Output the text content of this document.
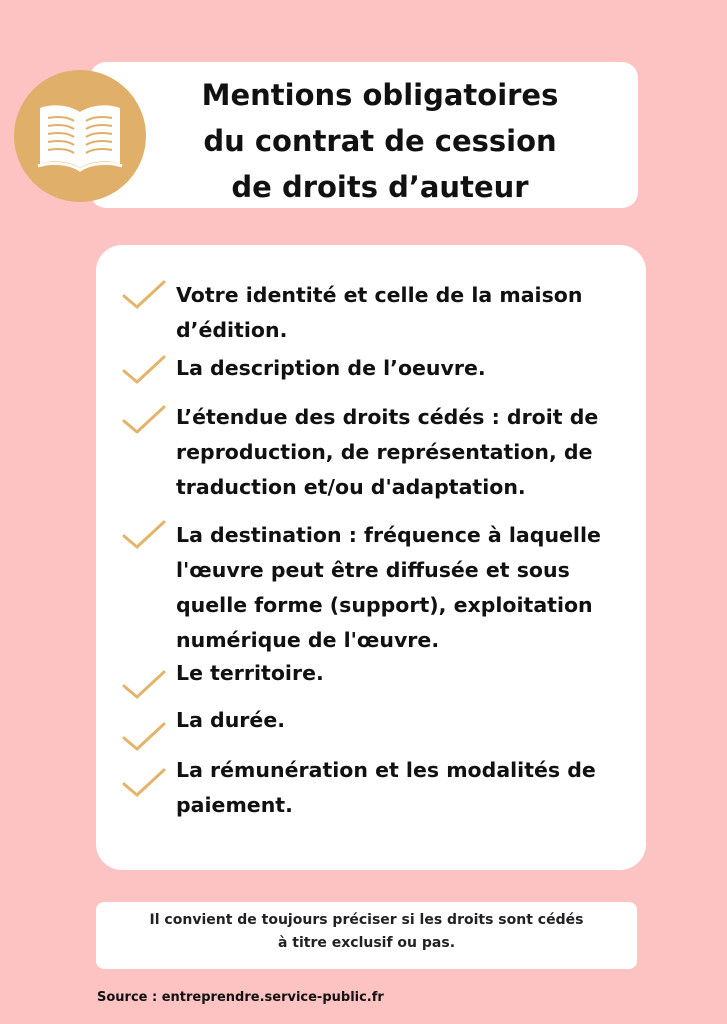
Mentions obligatoires
du contrat de cession
de droits d’auteur

Votre identité et celle de la maison
d’édition.

La description de l’oeuvre.

L’étendue des droits cédés : droit de
reproduction, de représentation, de
traduction et/ou d'adaptation.

La destination : fréquence à laquelle
l'œuvre peut être diffusée et sous
quelle forme (support), exploitation
numérique de l'œuvre.

Le territoire.

La durée.

La rémunération et les modalités de
paiement.

Il convient de toujours préciser si les droits sont cédés
à titre exclusif ou pas.

Source : entreprendre.service-public.fr
